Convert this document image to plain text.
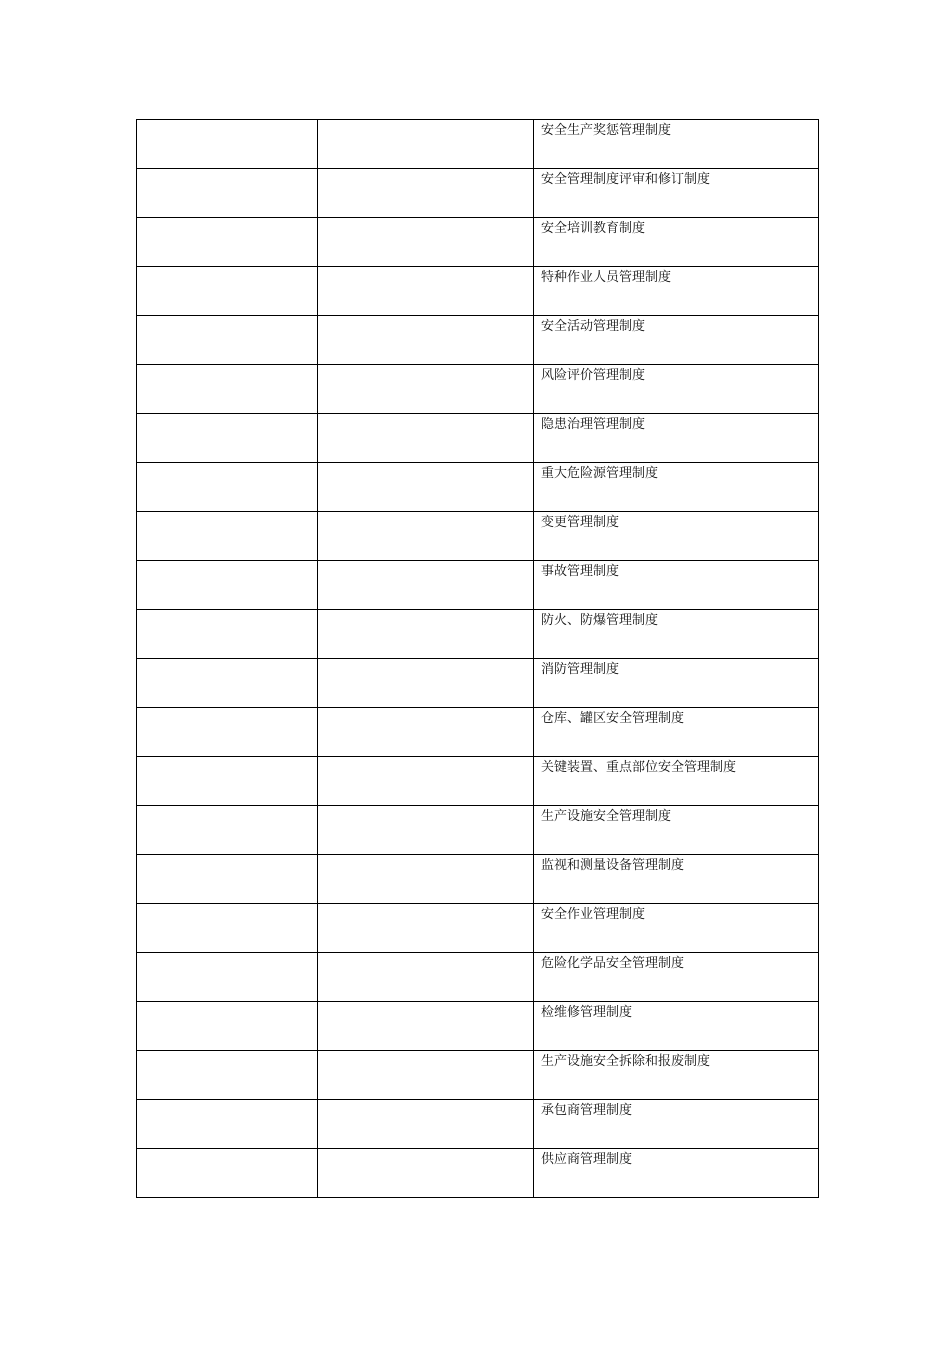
		安全生产奖惩管理制度

		安全管理制度评审和修订制度

		安全培训教育制度

		特种作业人员管理制度

		安全活动管理制度

		风险评价管理制度

		隐患治理管理制度

		重大危险源管理制度

		变更管理制度

		事故管理制度

		防火、防爆管理制度

		消防管理制度

		仓库、罐区安全管理制度

		关键装置、重点部位安全管理制度

		生产设施安全管理制度

		监视和测量设备管理制度

		安全作业管理制度

		危险化学品安全管理制度

		检维修管理制度

		生产设施安全拆除和报废制度

		承包商管理制度

		供应商管理制度
